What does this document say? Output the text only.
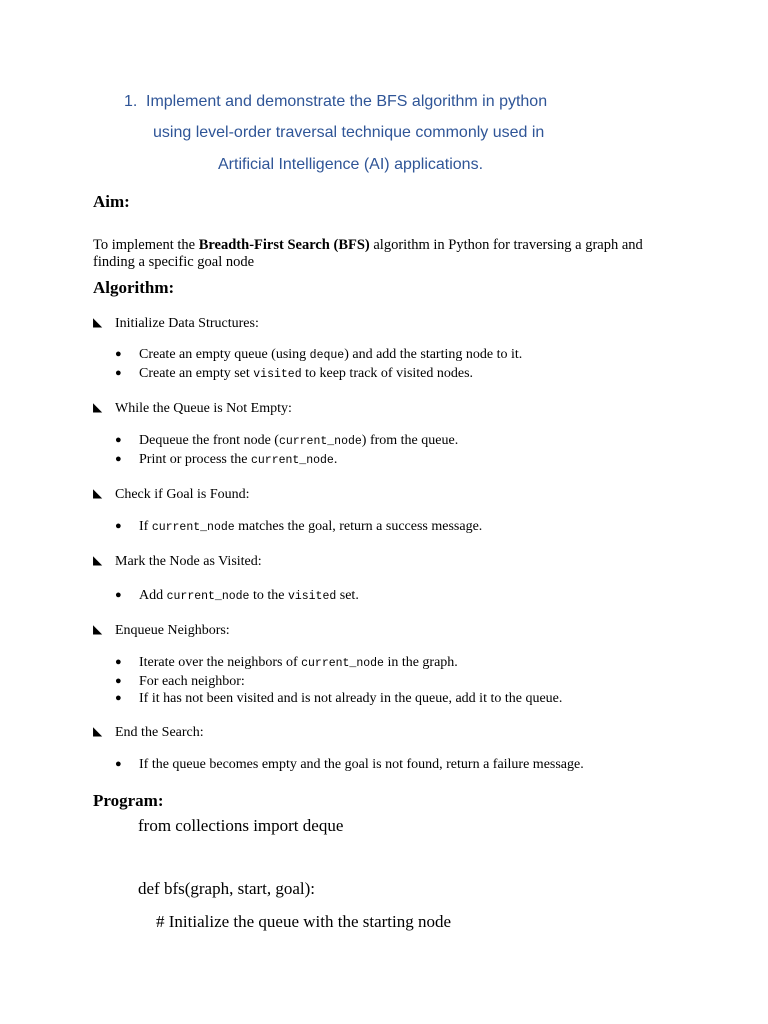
1. Implement and demonstrate the BFS algorithm in python
using level-order traversal technique commonly used in
Artificial Intelligence (AI) applications.
Aim:
To implement the Breadth-First Search (BFS) algorithm in Python for traversing a graph and finding a specific goal node
Algorithm:
◣ Initialize Data Structures:
● Create an empty queue (using deque) and add the starting node to it.
● Create an empty set visited to keep track of visited nodes.
◣ While the Queue is Not Empty:
● Dequeue the front node (current_node) from the queue.
● Print or process the current_node.
◣ Check if Goal is Found:
● If current_node matches the goal, return a success message.
◣ Mark the Node as Visited:
● Add current_node to the visited set.
◣ Enqueue Neighbors:
● Iterate over the neighbors of current_node in the graph.
● For each neighbor:
● If it has not been visited and is not already in the queue, add it to the queue.
◣ End the Search:
● If the queue becomes empty and the goal is not found, return a failure message.
Program:
from collections import deque
def bfs(graph, start, goal):
# Initialize the queue with the starting node
